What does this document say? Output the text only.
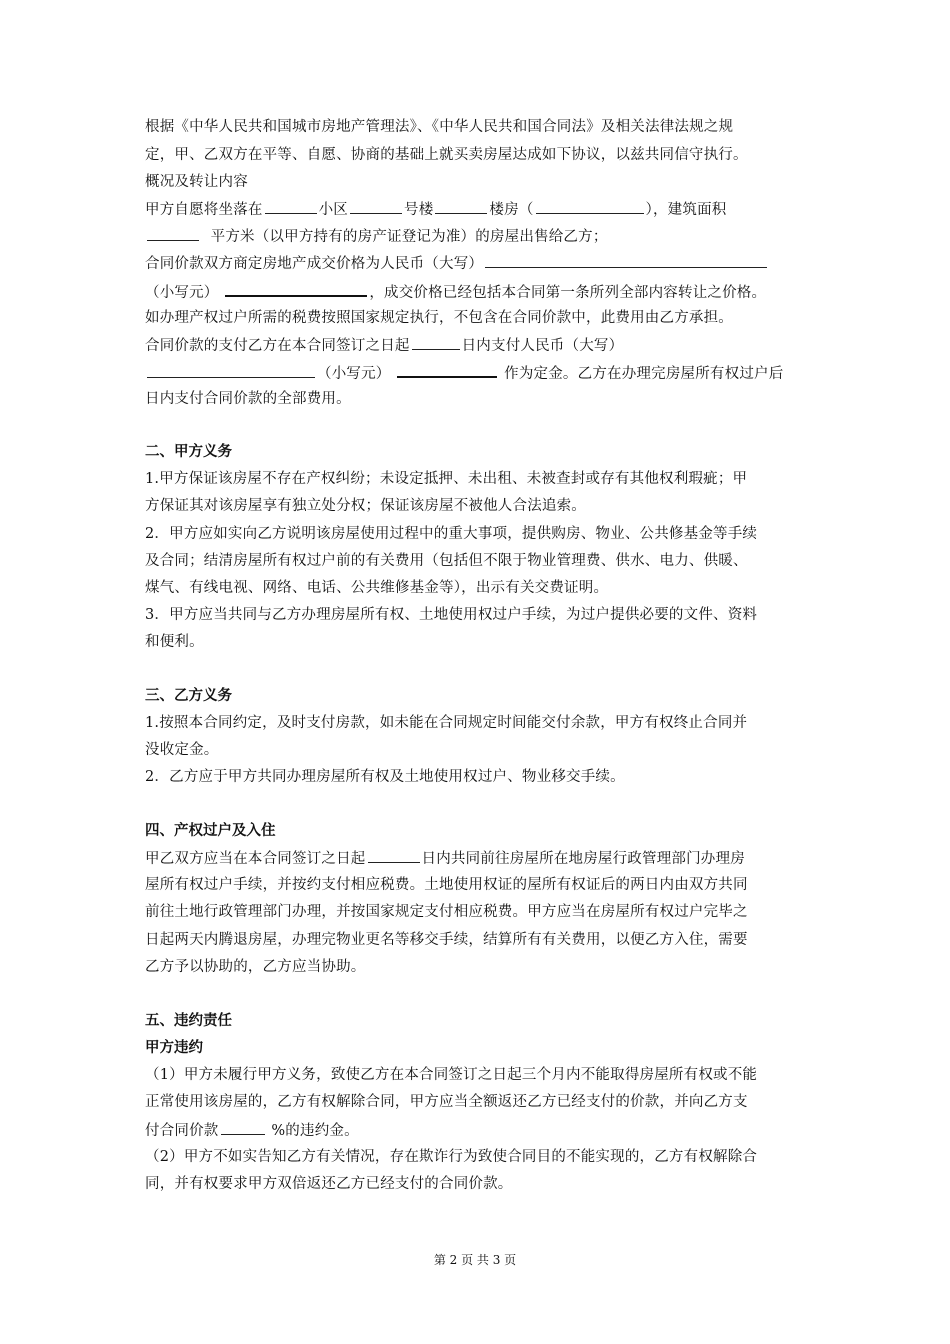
根据《中华人民共和国城市房地产管理法》、《中华人民共和国合同法》及相关法律法规之规
定，甲、乙双方在平等、自愿、协商的基础上就买卖房屋达成如下协议，以兹共同信守执行。
概况及转让内容
甲方自愿将坐落在	小区	号楼	楼房（	），建筑面积
平方米（以甲方持有的房产证登记为准）的房屋出售给乙方；
合同价款双方商定房地产成交价格为人民币（大写）
（小写元）	，成交价格已经包括本合同第一条所列全部内容转让之价格。
如办理产权过户所需的税费按照国家规定执行，不包含在合同价款中，此费用由乙方承担。
合同价款的支付乙方在本合同签订之日起	日内支付人民币（大写）
（小写元）	作为定金。乙方在办理完房屋所有权过户后
日内支付合同价款的全部费用。
二、甲方义务
1.甲方保证该房屋不存在产权纠纷；未设定抵押、未出租、未被查封或存有其他权利瑕疵；甲
方保证其对该房屋享有独立处分权；保证该房屋不被他人合法追索。
2．甲方应如实向乙方说明该房屋使用过程中的重大事项，提供购房、物业、公共修基金等手续
及合同；结清房屋所有权过户前的有关费用（包括但不限于物业管理费、供水、电力、供暖、
煤气、有线电视、网络、电话、公共维修基金等），出示有关交费证明。
3．甲方应当共同与乙方办理房屋所有权、土地使用权过户手续，为过户提供必要的文件、资料
和便利。
三、乙方义务
1.按照本合同约定，及时支付房款，如未能在合同规定时间能交付余款，甲方有权终止合同并
没收定金。
2．乙方应于甲方共同办理房屋所有权及土地使用权过户、物业移交手续。
四、产权过户及入住
甲乙双方应当在本合同签订之日起	日内共同前往房屋所在地房屋行政管理部门办理房
屋所有权过户手续，并按约支付相应税费。土地使用权证的屋所有权证后的两日内由双方共同
前往土地行政管理部门办理，并按国家规定支付相应税费。甲方应当在房屋所有权过户完毕之
日起两天内腾退房屋，办理完物业更名等移交手续，结算所有有关费用，以便乙方入住，需要
乙方予以协助的，乙方应当协助。
五、违约责任
甲方违约
（1）甲方未履行甲方义务，致使乙方在本合同签订之日起三个月内不能取得房屋所有权或不能
正常使用该房屋的，乙方有权解除合同，甲方应当全额返还乙方已经支付的价款，并向乙方支
付合同价款	%的违约金。
（2）甲方不如实告知乙方有关情况，存在欺诈行为致使合同目的不能实现的，乙方有权解除合
同，并有权要求甲方双倍返还乙方已经支付的合同价款。
第 2 页 共 3 页
